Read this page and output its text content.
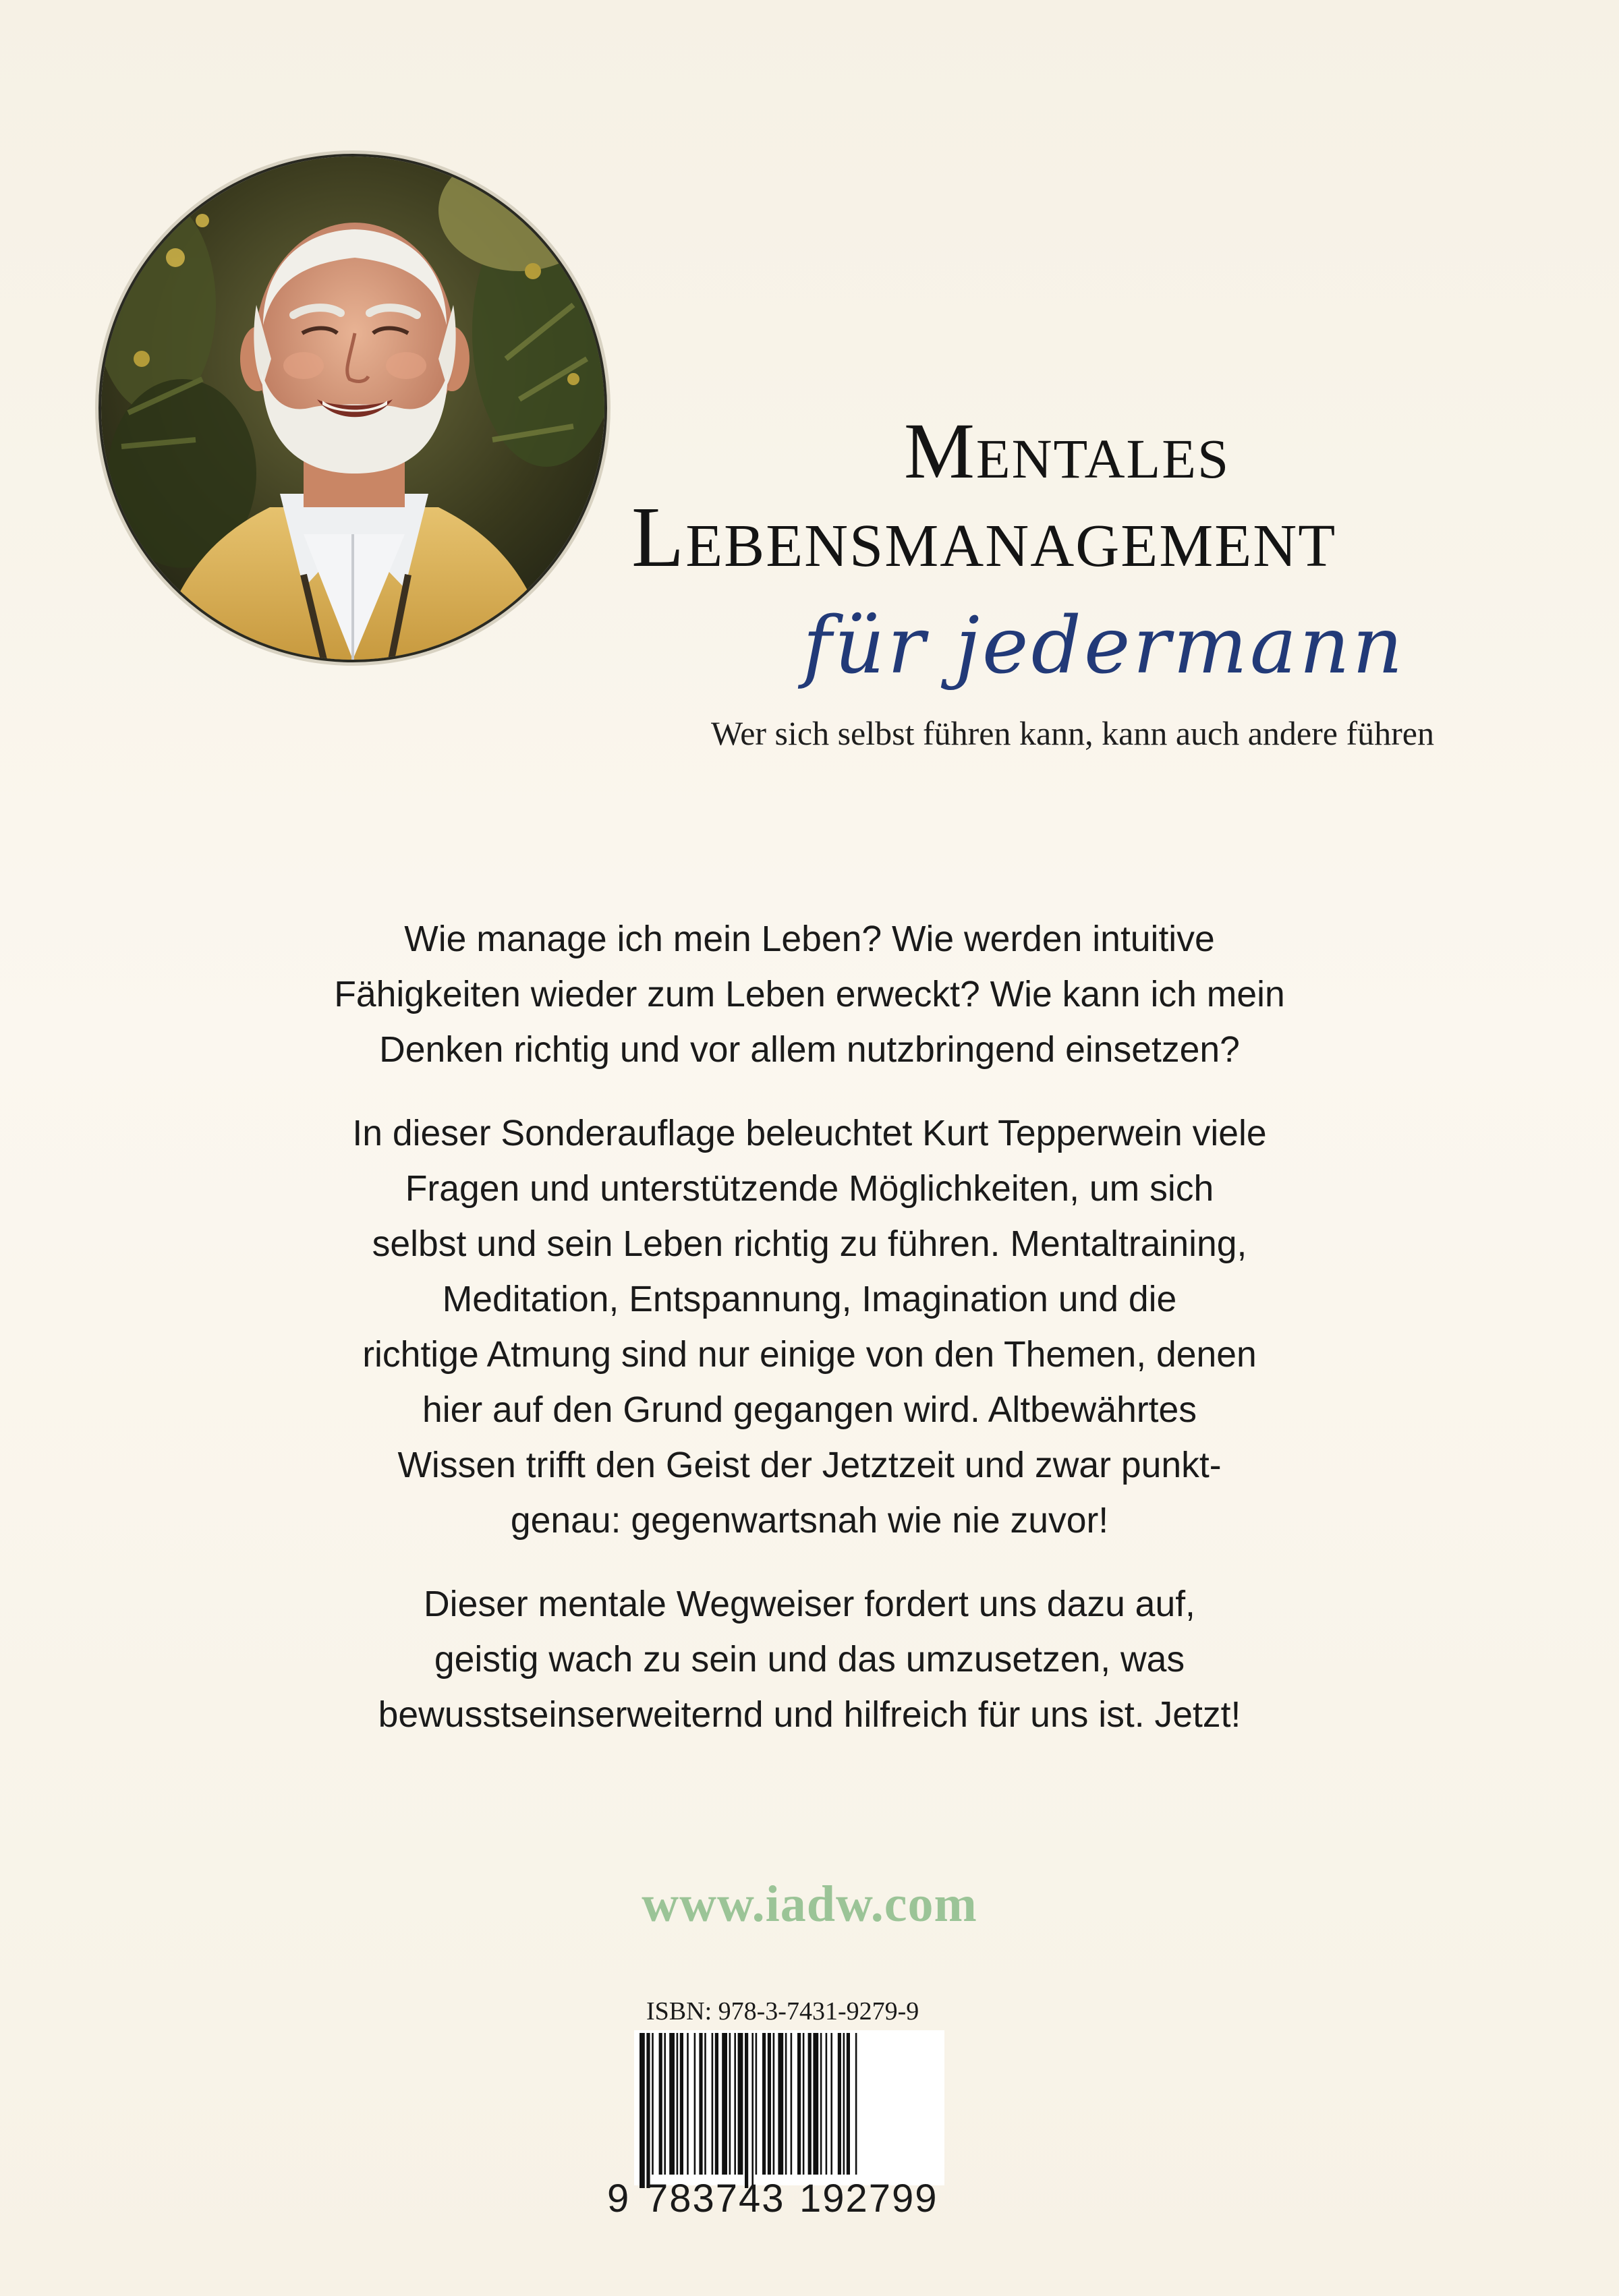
Mentales
Lebensmanagement
für jedermann
Wer sich selbst führen kann, kann auch andere führen

Wie manage ich mein Leben? Wie werden intuitive
Fähigkeiten wieder zum Leben erweckt? Wie kann ich mein
Denken richtig und vor allem nutzbringend einsetzen?

In dieser Sonderauflage beleuchtet Kurt Tepperwein viele
Fragen und unterstützende Möglichkeiten, um sich
selbst und sein Leben richtig zu führen. Mentaltraining,
Meditation, Entspannung, Imagination und die
richtige Atmung sind nur einige von den Themen, denen
hier auf den Grund gegangen wird. Altbewährtes
Wissen trifft den Geist der Jetztzeit und zwar punkt-
genau: gegenwartsnah wie nie zuvor!

Dieser mentale Wegweiser fordert uns dazu auf,
geistig wach zu sein und das umzusetzen, was
bewusstseinserweiternd und hilfreich für uns ist. Jetzt!

www.iadw.com
ISBN: 978-3-7431-9279-9
9 783743 192799
